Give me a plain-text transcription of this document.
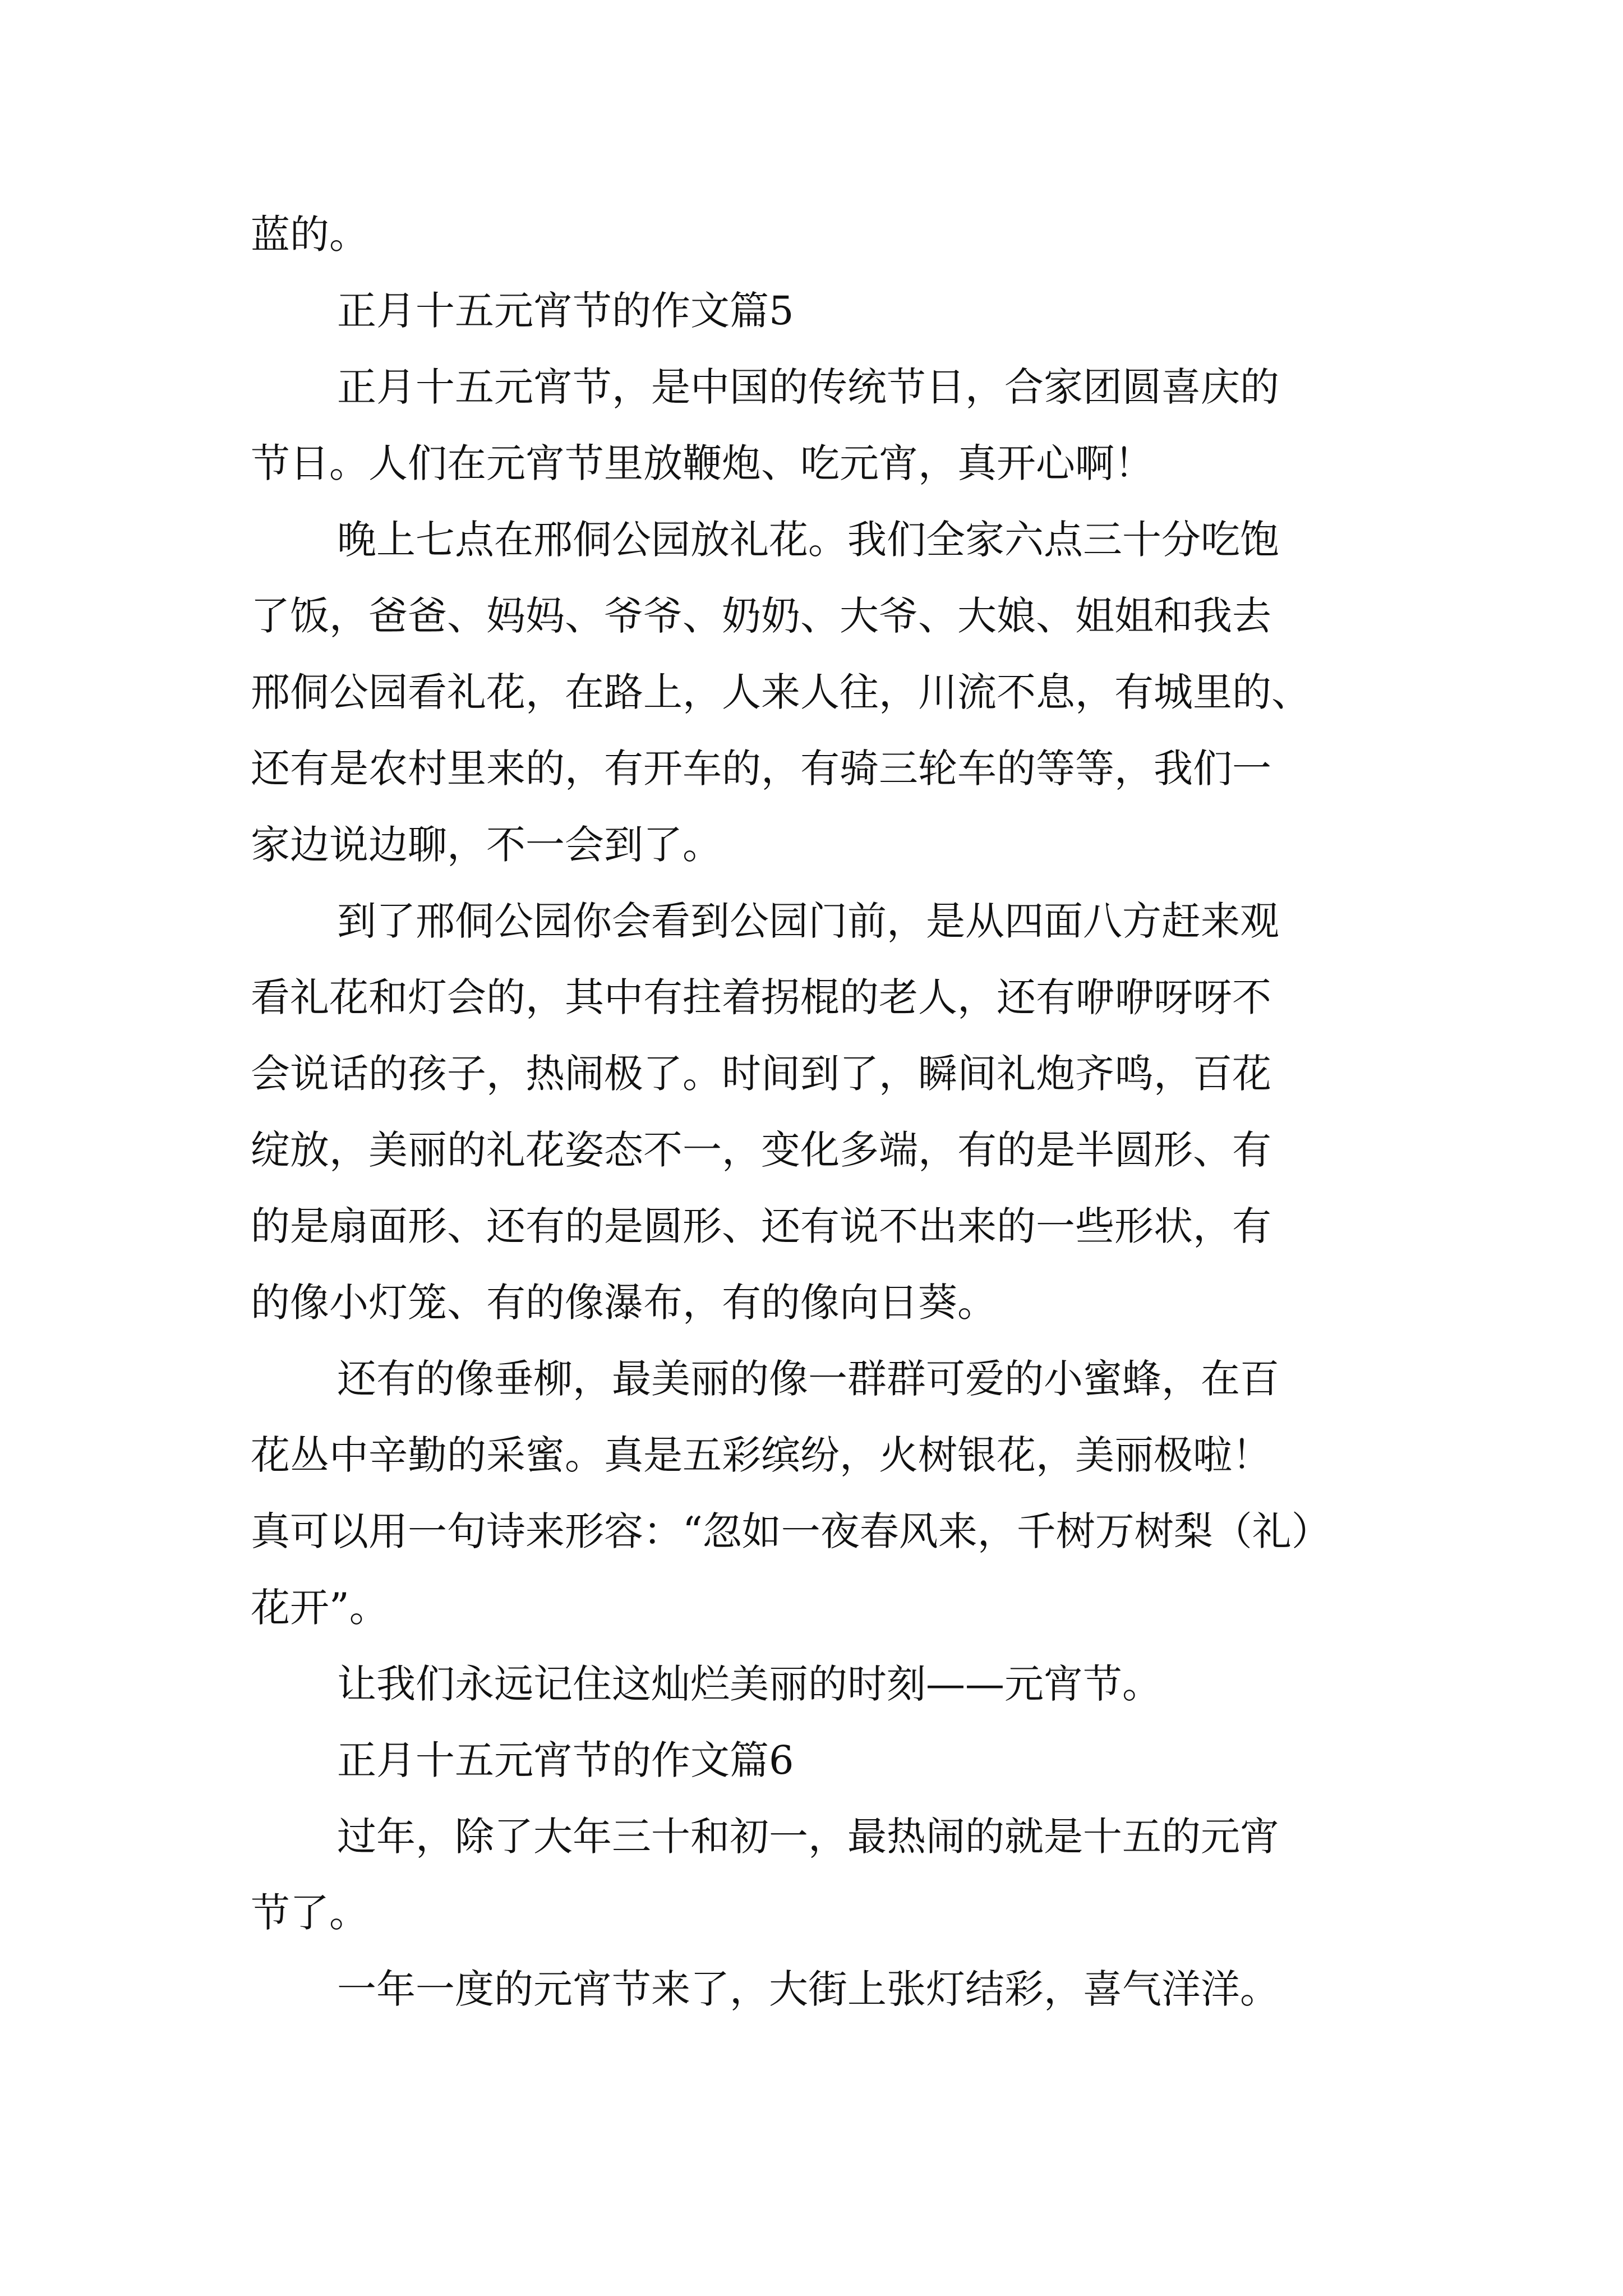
蓝的。

正月十五元宵节的作文篇5

正月十五元宵节，是中国的传统节日，合家团圆喜庆的

节日。人们在元宵节里放鞭炮、吃元宵，真开心啊！

晚上七点在邢侗公园放礼花。我们全家六点三十分吃饱

了饭，爸爸、妈妈、爷爷、奶奶、大爷、大娘、姐姐和我去

邢侗公园看礼花，在路上，人来人往，川流不息，有城里的、

还有是农村里来的，有开车的，有骑三轮车的等等，我们一

家边说边聊，不一会到了。

到了邢侗公园你会看到公园门前，是从四面八方赶来观

看礼花和灯会的，其中有拄着拐棍的老人，还有咿咿呀呀不

会说话的孩子，热闹极了。时间到了，瞬间礼炮齐鸣，百花

绽放，美丽的礼花姿态不一，变化多端，有的是半圆形、有

的是扇面形、还有的是圆形、还有说不出来的一些形状，有

的像小灯笼、有的像瀑布，有的像向日葵。

还有的像垂柳，最美丽的像一群群可爱的小蜜蜂，在百

花丛中辛勤的采蜜。真是五彩缤纷，火树银花，美丽极啦！

真可以用一句诗来形容：“忽如一夜春风来，千树万树梨（礼）

花开”。

让我们永远记住这灿烂美丽的时刻——元宵节。

正月十五元宵节的作文篇6

过年，除了大年三十和初一，最热闹的就是十五的元宵

节了。

一年一度的元宵节来了，大街上张灯结彩，喜气洋洋。
